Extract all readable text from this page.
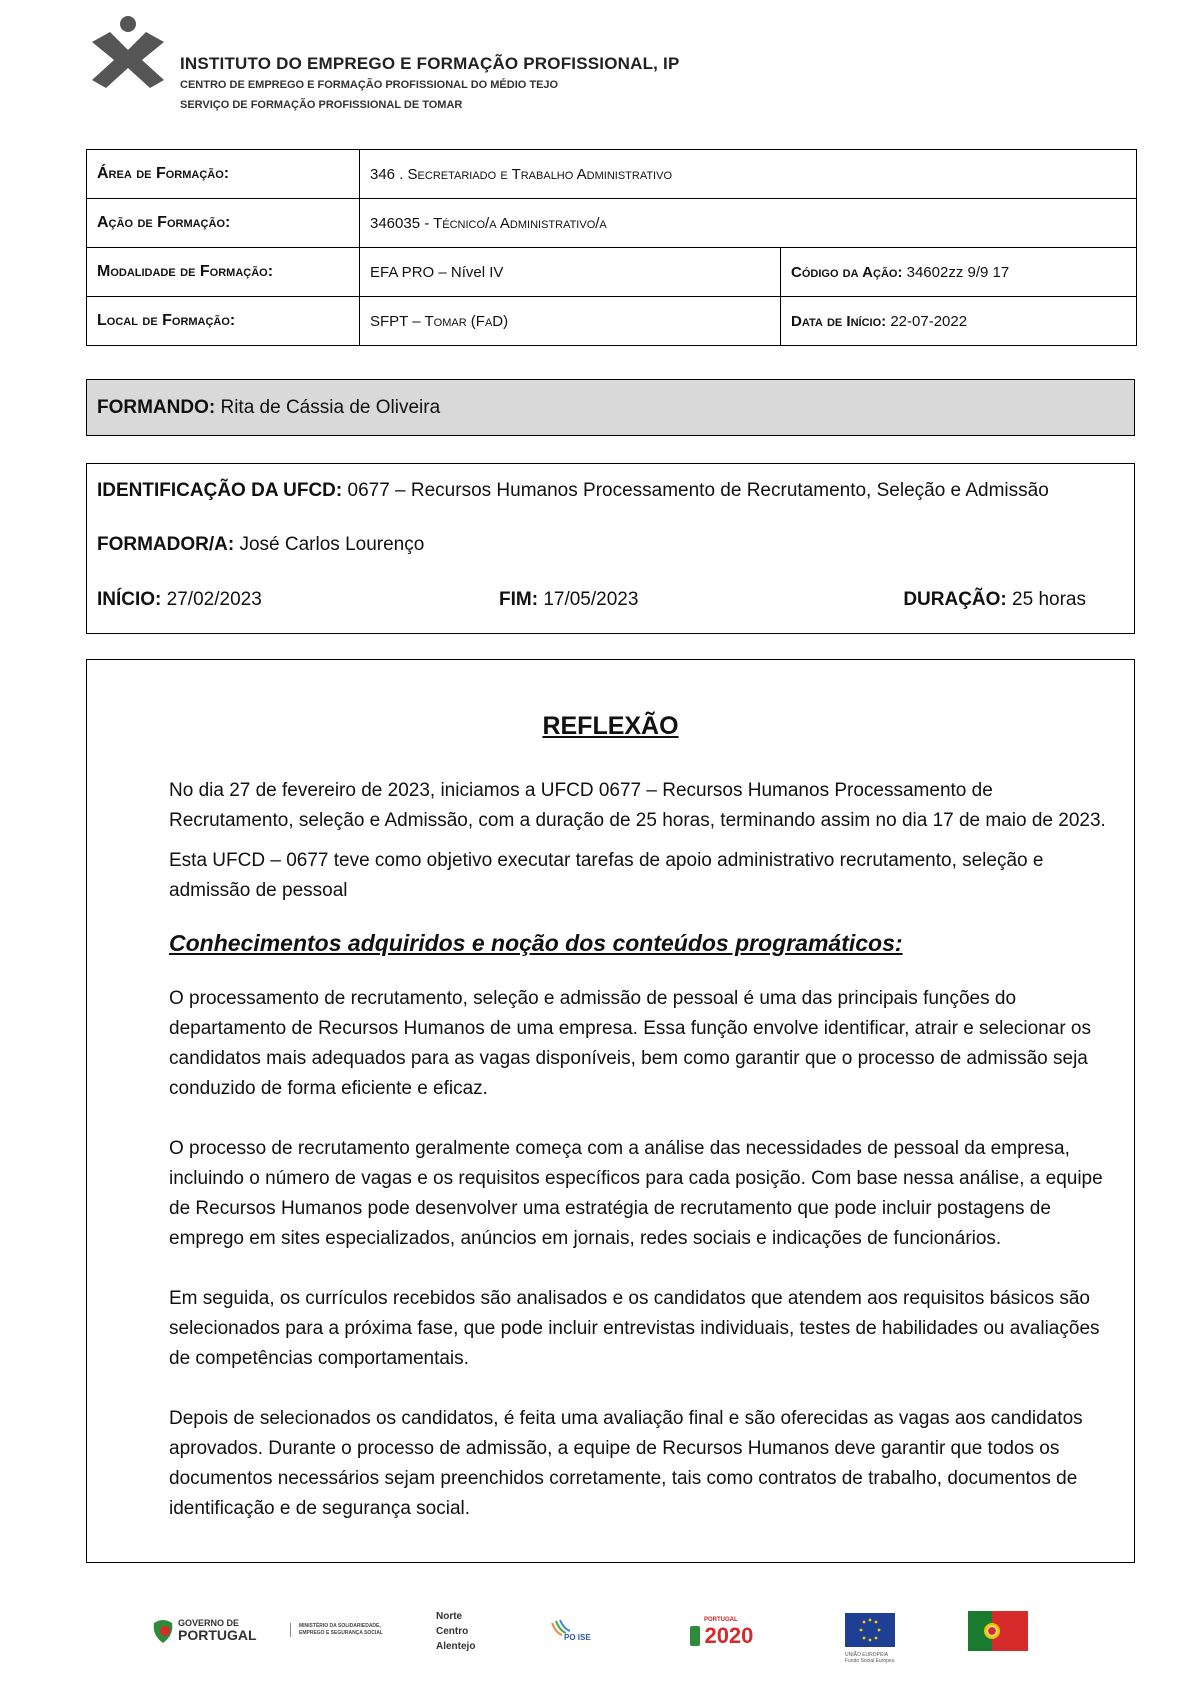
INSTITUTO DO EMPREGO E FORMAÇÃO PROFISSIONAL, IP
CENTRO DE EMPREGO E FORMAÇÃO PROFISSIONAL DO MÉDIO TEJO
SERVIÇO DE FORMAÇÃO PROFISSIONAL DE TOMAR
Área de Formação:	346 . Secretariado e Trabalho Administrativo	
Ação de Formação:	346035 - Técnico/a Administrativo/a	
Modalidade de Formação:	EFA PRO – Nível IV	Código da Ação: 34602zz 9/9 17
Local de Formação:	SFPT – Tomar (FaD)	Data de Início: 22-07-2022
FORMANDO:
Rita de Cássia de Oliveira
IDENTIFICAÇÃO DA UFCD: 0677 – Recursos Humanos Processamento de Recrutamento, Seleção e Admissão
FORMADOR/A: José Carlos Lourenço
INÍCIO: 27/02/2023	FIM: 17/05/2023	DURAÇÃO: 25 horas
REFLEXÃO

No dia 27 de fevereiro de 2023, iniciamos a UFCD 0677 – Recursos Humanos Processamento de Recrutamento, seleção e Admissão, com a duração de 25 horas, terminando assim no dia 17 de maio de 2023.

Esta UFCD – 0677 teve como objetivo executar tarefas de apoio administrativo recrutamento, seleção e admissão de pessoal

Conhecimentos adquiridos e noção dos conteúdos programáticos:

O processamento de recrutamento, seleção e admissão de pessoal é uma das principais funções do departamento de Recursos Humanos de uma empresa. Essa função envolve identificar, atrair e selecionar os candidatos mais adequados para as vagas disponíveis, bem como garantir que o processo de admissão seja conduzido de forma eficiente e eficaz.

O processo de recrutamento geralmente começa com a análise das necessidades de pessoal da empresa, incluindo o número de vagas e os requisitos específicos para cada posição. Com base nessa análise, a equipe de Recursos Humanos pode desenvolver uma estratégia de recrutamento que pode incluir postagens de emprego em sites especializados, anúncios em jornais, redes sociais e indicações de funcionários.

Em seguida, os currículos recebidos são analisados e os candidatos que atendem aos requisitos básicos são selecionados para a próxima fase, que pode incluir entrevistas individuais, testes de habilidades ou avaliações de competências comportamentais.

Depois de selecionados os candidatos, é feita uma avaliação final e são oferecidas as vagas aos candidatos aprovados. Durante o processo de admissão, a equipe de Recursos Humanos deve garantir que todos os documentos necessários sejam preenchidos corretamente, tais como contratos de trabalho, documentos de identificação e de segurança social.

GOVERNO DE
PORTUGAL
MINISTÉRIO DA SOLIDARIEDADE, EMPREGO E SEGURANÇA SOCIAL
Norte
Centro
Alentejo
PO ISE
PORTUGAL
2020
UNIÃO EUROPEIA
Fundo Social Europeu
